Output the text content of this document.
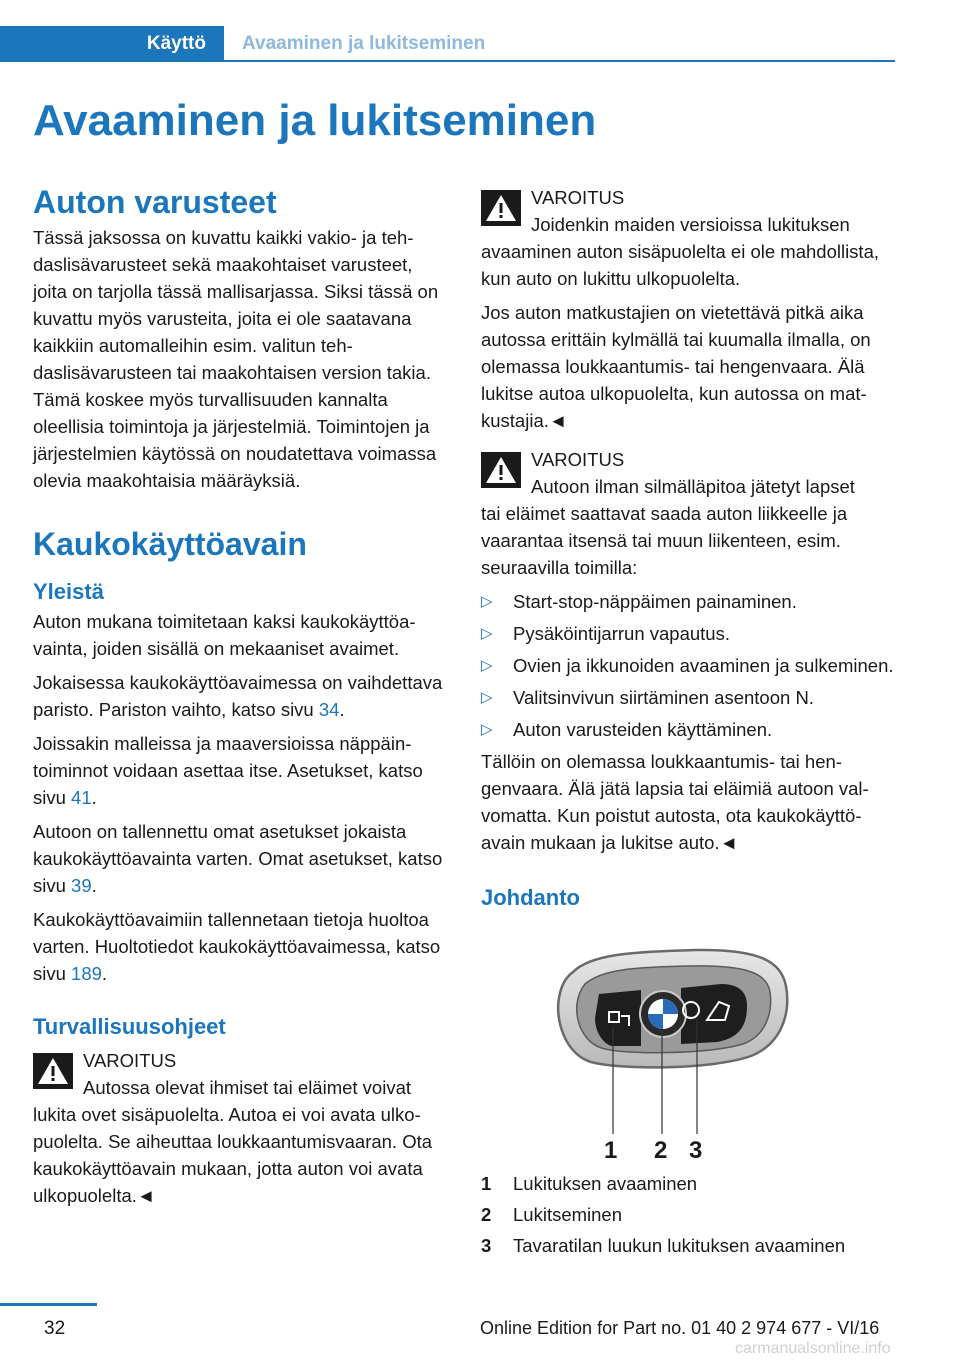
Käyttö	Avaaminen ja lukitseminen
Avaaminen ja lukitseminen
Auton varusteet
Tässä jaksossa on kuvattu kaikki vakio- ja tehdaslisävarusteet sekä maakohtaiset varusteet, joita on tarjolla tässä mallisarjassa. Siksi tässä on kuvattu myös varusteita, joita ei ole saatavana kaikkiin automalleihin esim. valitun tehdaslisävarusteen tai maakohtaisen version takia. Tämä koskee myös turvallisuuden kannalta oleellisia toimintoja ja järjestelmiä. Toimintojen ja järjestelmien käytössä on noudatettava voimassa olevia maakohtaisia määräyksiä.
Kaukokäyttöavain
Yleistä
Auton mukana toimitetaan kaksi kaukokäyttöavainta, joiden sisällä on mekaaniset avaimet.
Jokaisessa kaukokäyttöavaimessa on vaihdettava paristo. Pariston vaihto, katso sivu 34.
Joissakin malleissa ja maaversioissa näppäintoiminnot voidaan asettaa itse. Asetukset, katso sivu 41.
Autoon on tallennettu omat asetukset jokaista kaukokäyttöavainta varten. Omat asetukset, katso sivu 39.
Kaukokäyttöavaimiin tallennetaan tietoja huoltoa varten. Huoltotiedot kaukokäyttöavaimessa, katso sivu 189.
Turvallisuusohjeet
VAROITUS
Autossa olevat ihmiset tai eläimet voivat
lukita ovet sisäpuolelta. Autoa ei voi avata ulkopuolelta. Se aiheuttaa loukkaantumisvaaran. Ota kaukokäyttöavain mukaan, jotta auton voi avata ulkopuolelta.◄
VAROITUS
Joidenkin maiden versioissa lukituksen
avaaminen auton sisäpuolelta ei ole mahdollista, kun auto on lukittu ulkopuolelta.
Jos auton matkustajien on vietettävä pitkä aika autossa erittäin kylmällä tai kuumalla ilmalla, on olemassa loukkaantumis- tai hengenvaara. Älä lukitse autoa ulkopuolelta, kun autossa on matkustajia.◄
VAROITUS
Autoon ilman silmälläpitoa jätetyt lapset
tai eläimet saattavat saada auton liikkeelle ja vaarantaa itsensä tai muun liikenteen, esim. seuraavilla toimilla:
▷ Start-stop-näppäimen painaminen.
▷ Pysäköintijarrun vapautus.
▷ Ovien ja ikkunoiden avaaminen ja sulkeminen.
▷ Valitsinvivun siirtäminen asentoon N.
▷ Auton varusteiden käyttäminen.
Tällöin on olemassa loukkaantumis- tai hengenvaara. Älä jätä lapsia tai eläimiä autoon valvomatta. Kun poistut autosta, ota kaukokäyttöavain mukaan ja lukitse auto.◄
Johdanto
1 2 3
1	Lukituksen avaaminen
2	Lukitseminen
3	Tavaratilan luukun lukituksen avaaminen
32	Online Edition for Part no. 01 40 2 974 677 - VI/16
carmanualsonline.info
